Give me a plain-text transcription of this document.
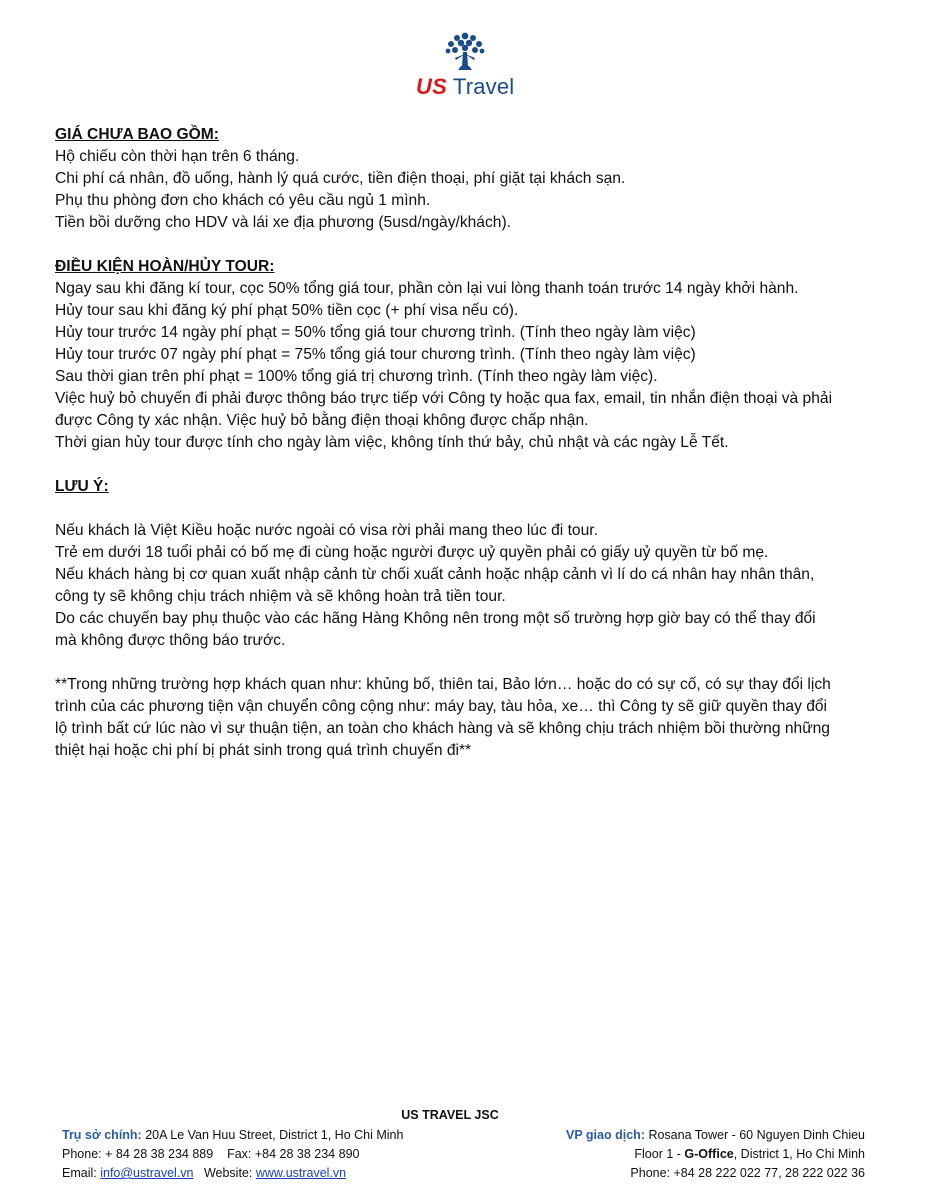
US Travel
GIÁ CHƯA BAO GỒM:
Hộ chiếu còn thời hạn trên 6 tháng.
Chi phí cá nhân, đồ uống, hành lý quá cước, tiền điện thoại, phí giặt tại khách sạn.
Phụ thu phòng đơn cho khách có yêu cầu ngủ 1 mình.
Tiền bồi dưỡng cho HDV và lái xe địa phương (5usd/ngày/khách).
ĐIỀU KIỆN HOÀN/HỦY TOUR:
Ngay sau khi đăng kí tour, cọc 50% tổng giá tour, phần còn lại vui lòng thanh toán trước 14 ngày khởi hành.
Hủy tour sau khi đăng ký phí phạt 50% tiền cọc (+ phí visa nếu có).
Hủy tour trước 14 ngày phí phạt = 50% tổng giá tour chương trình. (Tính theo ngày làm việc)
Hủy tour trước 07 ngày phí phạt = 75% tổng giá tour chương trình. (Tính theo ngày làm việc)
Sau thời gian trên phí phạt = 100% tổng giá trị chương trình. (Tính theo ngày làm việc).
Việc huỷ bỏ chuyến đi phải được thông báo trực tiếp với Công ty hoặc qua fax, email, tin nhắn điện thoại và phải
được Công ty xác nhận. Việc huỷ bỏ bằng điện thoại không được chấp nhận.
Thời gian hủy tour được tính cho ngày làm việc, không tính thứ bảy, chủ nhật và các ngày Lễ Tết.
LƯU Ý:
Nếu khách là Việt Kiều hoặc nước ngoài có visa rời phải mang theo lúc đi tour.
Trẻ em dưới 18 tuổi phải có bố mẹ đi cùng hoặc người được uỷ quyền phải có giấy uỷ quyền từ bố mẹ.
Nếu khách hàng bị cơ quan xuất nhập cảnh từ chối xuất cảnh hoặc nhập cảnh vì lí do cá nhân hay nhân thân,
công ty sẽ không chịu trách nhiệm và sẽ không hoàn trả tiền tour.
Do các chuyến bay phụ thuộc vào các hãng Hàng Không nên trong một số trường hợp giờ bay có thể thay đổi
mà không được thông báo trước.
**Trong những trường hợp khách quan như: khủng bố, thiên tai, Bảo lớn… hoặc do có sự cố, có sự thay đổi lịch
trình của các phương tiện vận chuyển công cộng như: máy bay, tàu hỏa, xe… thì Công ty sẽ giữ quyền thay đổi
lộ trình bất cứ lúc nào vì sự thuận tiện, an toàn cho khách hàng và sẽ không chịu trách nhiệm bồi thường những
thiệt hại hoặc chi phí bị phát sinh trong quá trình chuyến đi**
US TRAVEL JSC
Trụ sở chính: 20A Le Van Huu Street, District 1, Ho Chi Minh
Phone: + 84 28 38 234 889    Fax: +84 28 38 234 890
Email: info@ustravel.vn Website: www.ustravel.vn
VP giao dịch: Rosana Tower - 60 Nguyen Dinh Chieu
Floor 1 - G-Office, District 1, Ho Chi Minh
Phone: +84 28 222 022 77, 28 222 022 36
